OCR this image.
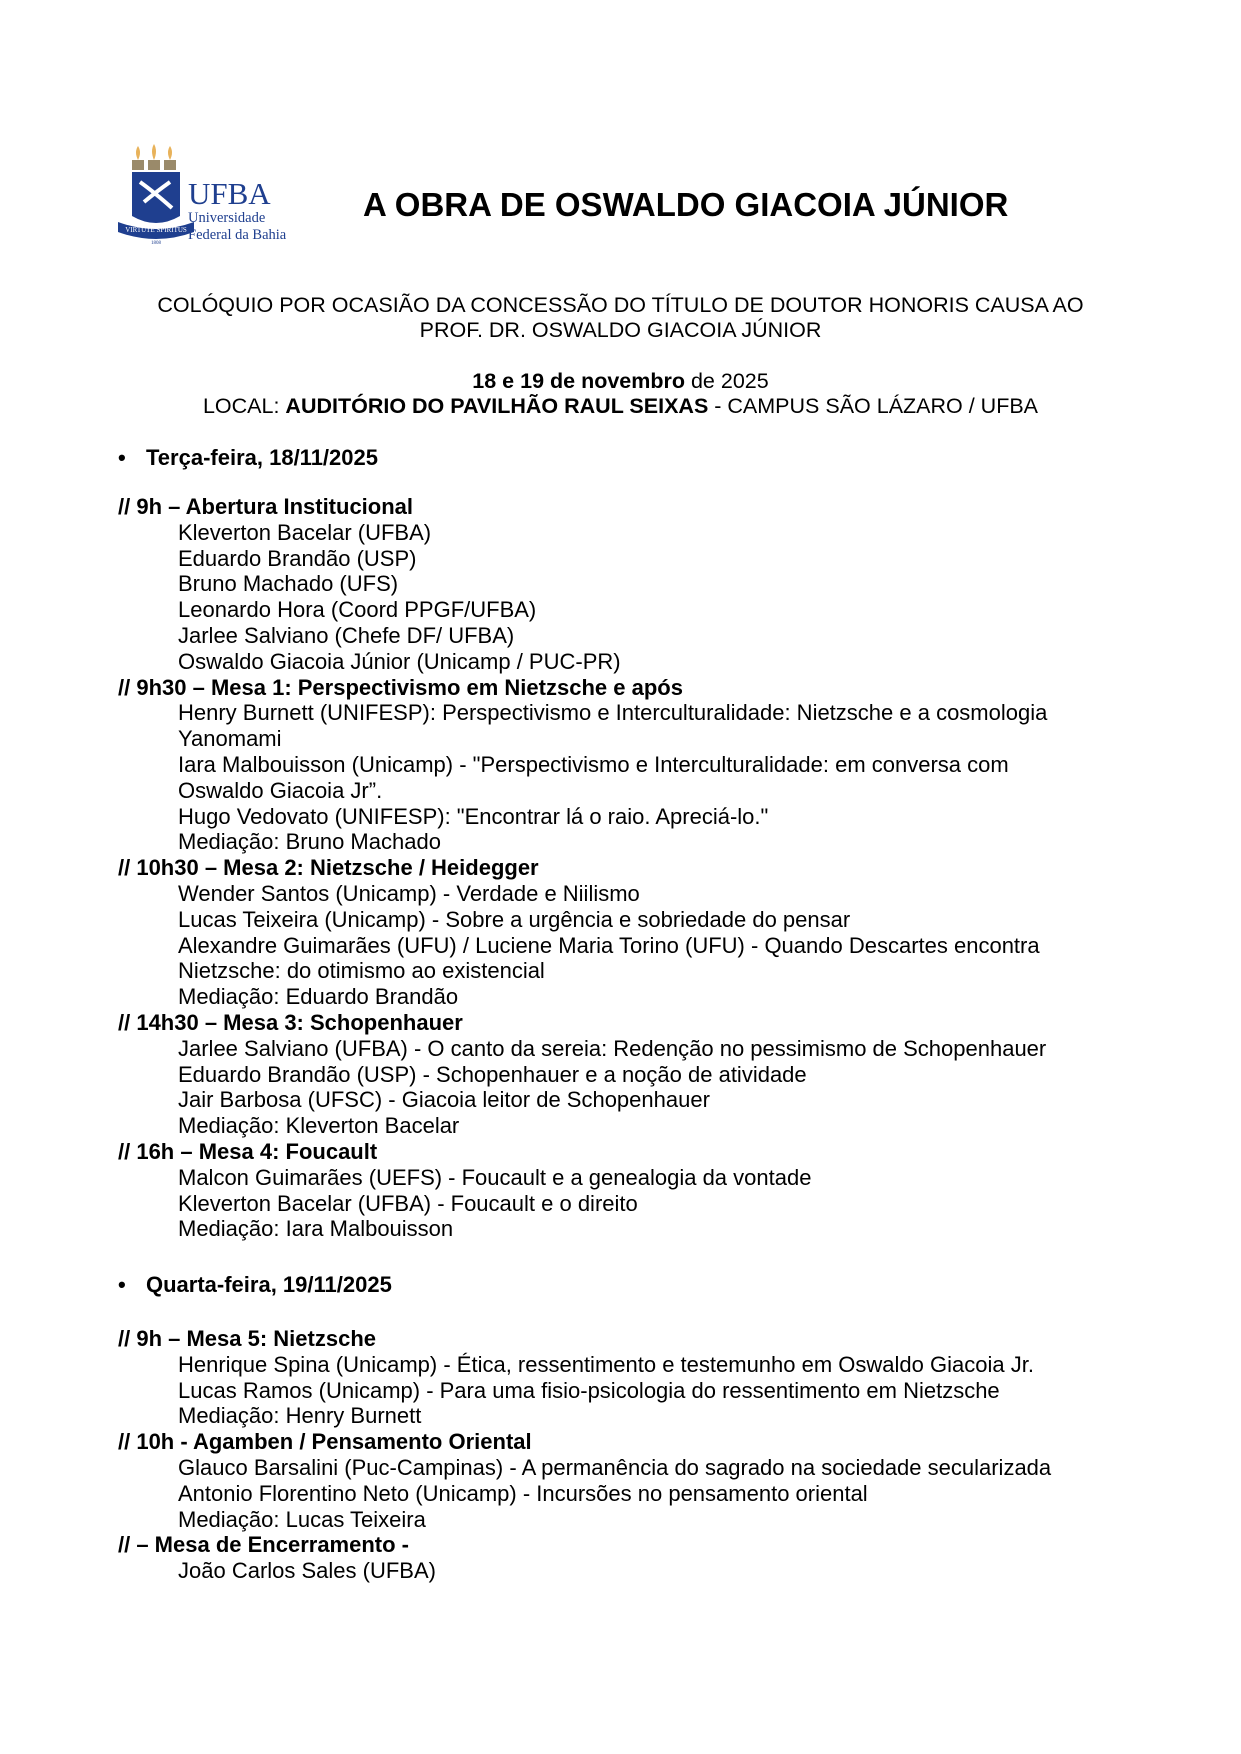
VIRTUTE SPIRITUS
1808
UFBA
Universidade
Federal da Bahia
A OBRA DE OSWALDO GIACOIA JÚNIOR
COLÓQUIO POR OCASIÃO DA CONCESSÃO DO TÍTULO DE DOUTOR HONORIS CAUSA AO
PROF. DR. OSWALDO GIACOIA JÚNIOR
18 e 19 de novembro de 2025
LOCAL: AUDITÓRIO DO PAVILHÃO RAUL SEIXAS - CAMPUS SÃO LÁZARO / UFBA
• Terça-feira, 18/11/2025
// 9h – Abertura Institucional
Kleverton Bacelar (UFBA)
Eduardo Brandão (USP)
Bruno Machado (UFS)
Leonardo Hora (Coord PPGF/UFBA)
Jarlee Salviano (Chefe DF/ UFBA)
Oswaldo Giacoia Júnior (Unicamp / PUC-PR)
// 9h30 – Mesa 1: Perspectivismo em Nietzsche e após
Henry Burnett (UNIFESP): Perspectivismo e Interculturalidade: Nietzsche e a cosmologia
Yanomami
Iara Malbouisson (Unicamp) - "Perspectivismo e Interculturalidade: em conversa com
Oswaldo Giacoia Jr”.
Hugo Vedovato (UNIFESP): "Encontrar lá o raio. Apreciá-lo."
Mediação: Bruno Machado
// 10h30 – Mesa 2: Nietzsche / Heidegger
Wender Santos (Unicamp) - Verdade e Niilismo
Lucas Teixeira (Unicamp) - Sobre a urgência e sobriedade do pensar
Alexandre Guimarães (UFU) / Luciene Maria Torino (UFU) - Quando Descartes encontra
Nietzsche: do otimismo ao existencial
Mediação: Eduardo Brandão
// 14h30 – Mesa 3: Schopenhauer
Jarlee Salviano (UFBA) - O canto da sereia: Redenção no pessimismo de Schopenhauer
Eduardo Brandão (USP) - Schopenhauer e a noção de atividade
Jair Barbosa (UFSC) - Giacoia leitor de Schopenhauer
Mediação: Kleverton Bacelar
// 16h – Mesa 4: Foucault
Malcon Guimarães (UEFS) - Foucault e a genealogia da vontade
Kleverton Bacelar (UFBA) - Foucault e o direito
Mediação: Iara Malbouisson
• Quarta-feira, 19/11/2025
// 9h – Mesa 5: Nietzsche
Henrique Spina (Unicamp) - Ética, ressentimento e testemunho em Oswaldo Giacoia Jr.
Lucas Ramos (Unicamp) - Para uma fisio-psicologia do ressentimento em Nietzsche
Mediação: Henry Burnett
// 10h - Agamben / Pensamento Oriental
Glauco Barsalini (Puc-Campinas) - A permanência do sagrado na sociedade secularizada
Antonio Florentino Neto (Unicamp) - Incursões no pensamento oriental
Mediação: Lucas Teixeira
// – Mesa de Encerramento -
João Carlos Sales (UFBA)
